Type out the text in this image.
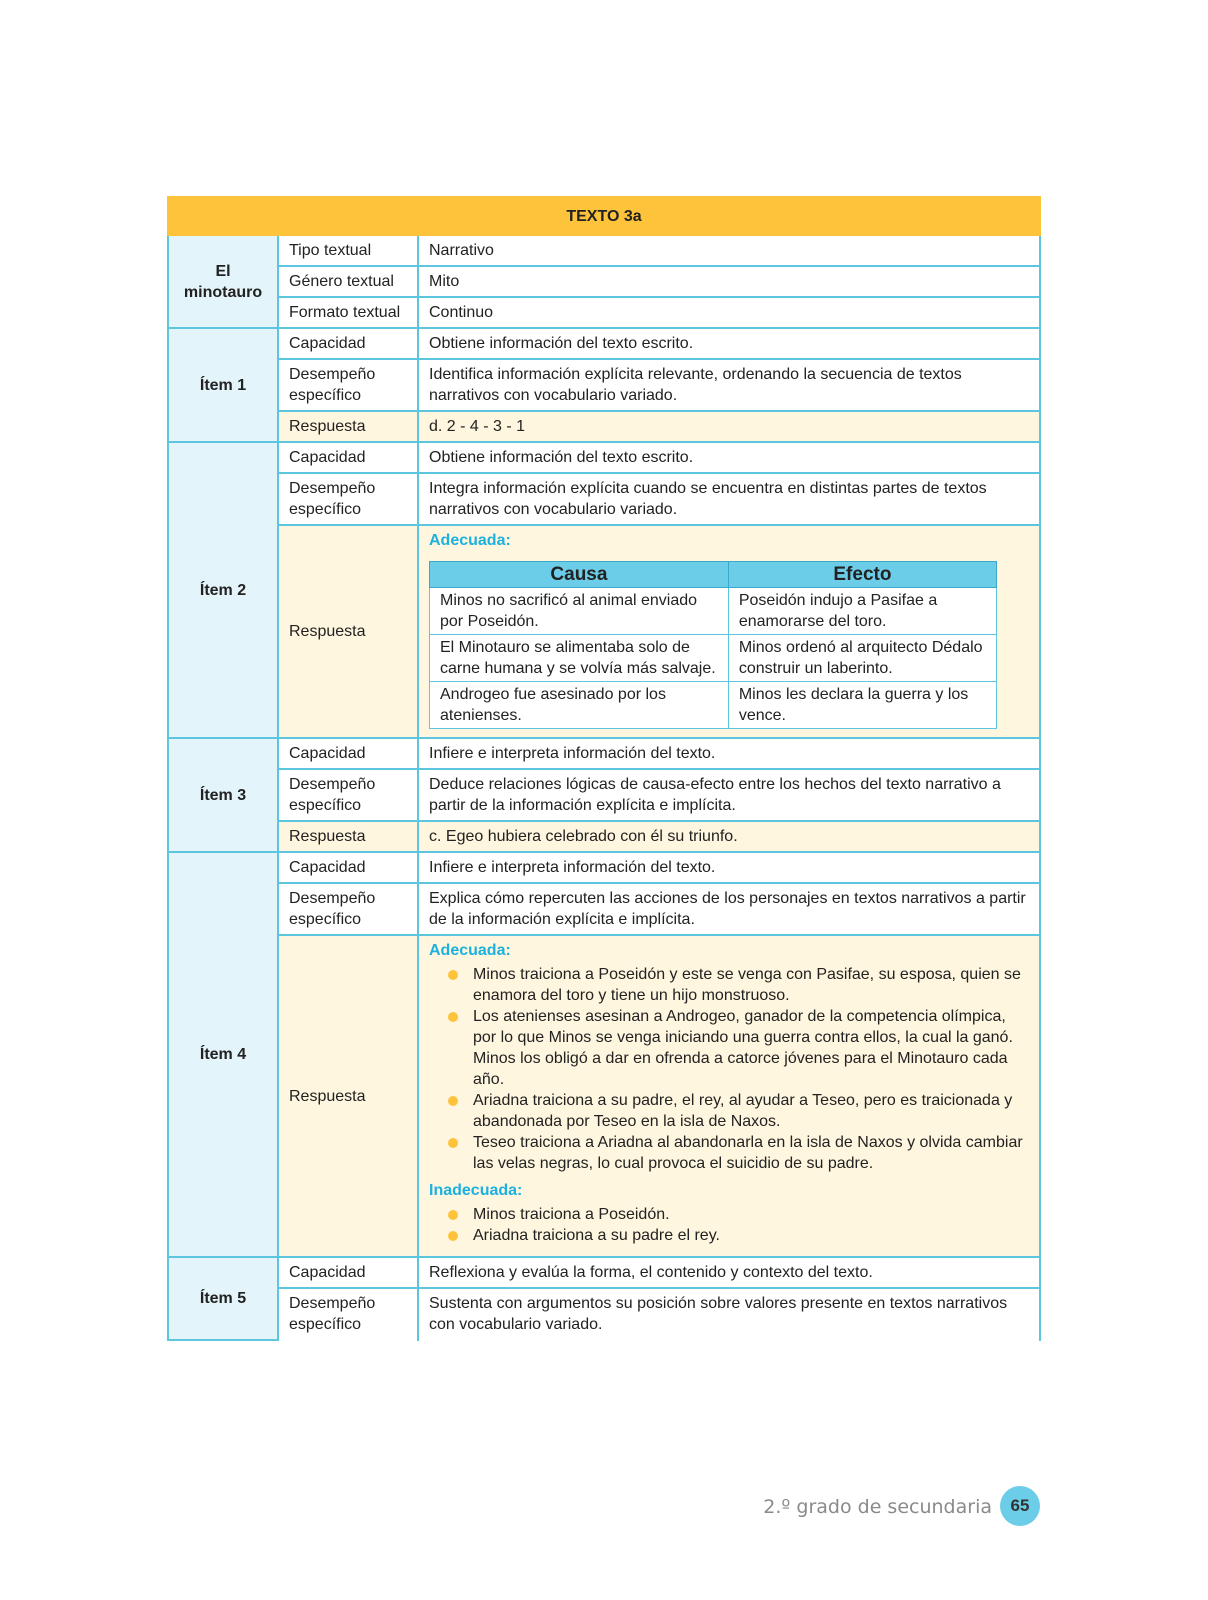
TEXTO 3a
El minotauro	Tipo textual	Narrativo
Género textual	Mito
Formato textual	Continuo
Ítem 1	Capacidad	Obtiene información del texto escrito.
Desempeño específico	Identifica información explícita relevante, ordenando la secuencia de textos narrativos con vocabulario variado.
Respuesta	d. 2 - 4 - 3 - 1
Ítem 2	Capacidad	Obtiene información del texto escrito.
Desempeño específico	Integra información explícita cuando se encuentra en distintas partes de textos narrativos con vocabulario variado.
Respuesta	
Adecuada:
Causa	Efecto
Minos no sacrificó al animal enviado por Poseidón.	Poseidón indujo a Pasifae a enamorarse del toro.
El Minotauro se alimentaba solo de carne humana y se volvía más salvaje.	Minos ordenó al arquitecto Dédalo construir un laberinto.
Androgeo fue asesinado por los atenienses.	Minos les declara la guerra y los vence.

Ítem 3	Capacidad	Infiere e interpreta información del texto.
Desempeño específico	Deduce relaciones lógicas de causa-efecto entre los hechos del texto narrativo a partir de la información explícita e implícita.
Respuesta	c. Egeo hubiera celebrado con él su triunfo.
Ítem 4	Capacidad	Infiere e interpreta información del texto.
Desempeño específico	Explica cómo repercuten las acciones de los personajes en textos narrativos a partir de la información explícita e implícita.
Respuesta	
Adecuada:
Minos traiciona a Poseidón y este se venga con Pasifae, su esposa, quien se enamora del toro y tiene un hijo monstruoso.
Los atenienses asesinan a Androgeo, ganador de la competencia olímpica, por lo que Minos se venga iniciando una guerra contra ellos, la cual la ganó. Minos los obligó a dar en ofrenda a catorce jóvenes para el Minotauro cada año.
Ariadna traiciona a su padre, el rey, al ayudar a Teseo, pero es traicionada y abandonada por Teseo en la isla de Naxos.
Teseo traiciona a Ariadna al abandonarla en la isla de Naxos y olvida cambiar las velas negras, lo cual provoca el suicidio de su padre.
Inadecuada:
Minos traiciona a Poseidón.
Ariadna traiciona a su padre el rey.

Ítem 5	Capacidad	Reflexiona y evalúa la forma, el contenido y contexto del texto.
Desempeño específico	Sustenta con argumentos su posición sobre valores presente en textos narrativos con vocabulario variado.
2.º grado de secundaria	65
